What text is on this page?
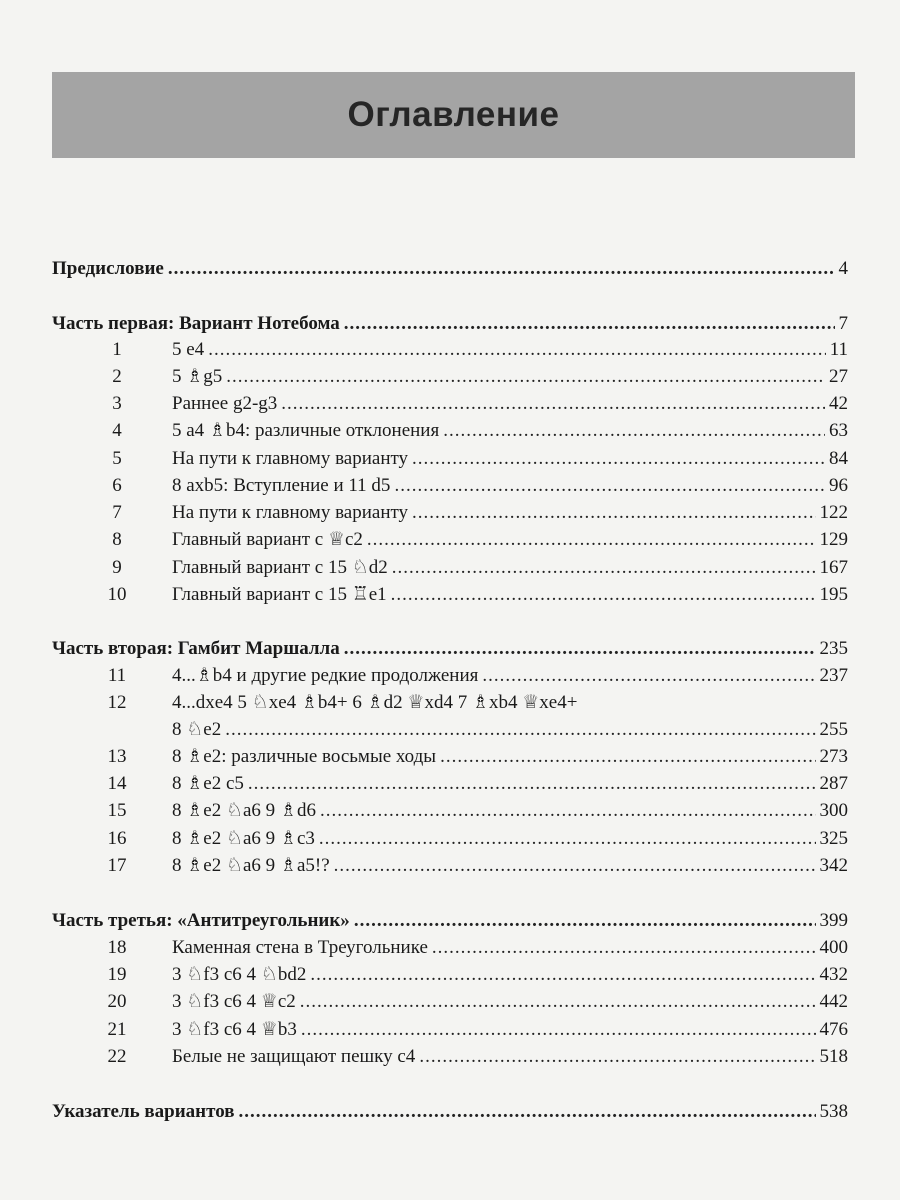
Оглавление
Предисловие .....	4
Часть первая: Вариант Нотебома .....	7
1	5 e4 .....	11
2	5 ♗g5 .....	27
3	Раннее g2-g3 .....	42
4	5 a4 ♗b4: различные отклонения .....	63
5	На пути к главному варианту .....	84
6	8 axb5: Вступление и 11 d5 .....	96
7	На пути к главному варианту .....	122
8	Главный вариант с ♕c2 .....	129
9	Главный вариант с 15 ♘d2 .....	167
10 Главный вариант с 15 ♖e1 .....	195
Часть вторая: Гамбит Маршалла .....	235
11 4...♗b4 и другие редкие продолжения .....	237
12 4...dxe4 5 ♘xe4 ♗b4+ 6 ♗d2 ♕xd4 7 ♗xb4 ♕xe4+
8 ♘e2 .....	255
13 8 ♗e2: различные восьмые ходы .....	273
14 8 ♗e2 c5 .....	287
15 8 ♗e2 ♘a6 9 ♗d6 .....	300
16 8 ♗e2 ♘a6 9 ♗c3 .....	325
17 8 ♗e2 ♘a6 9 ♗a5!? .....	342
Часть третья: «Антитреугольник» .....	399
18 Каменная стена в Треугольнике .....	400
19 3 ♘f3 c6 4 ♘bd2 .....	432
20 3 ♘f3 c6 4 ♕c2 .....	442
21 3 ♘f3 c6 4 ♕b3 .....	476
22 Белые не защищают пешку c4 .....	518
Указатель вариантов .....	538
